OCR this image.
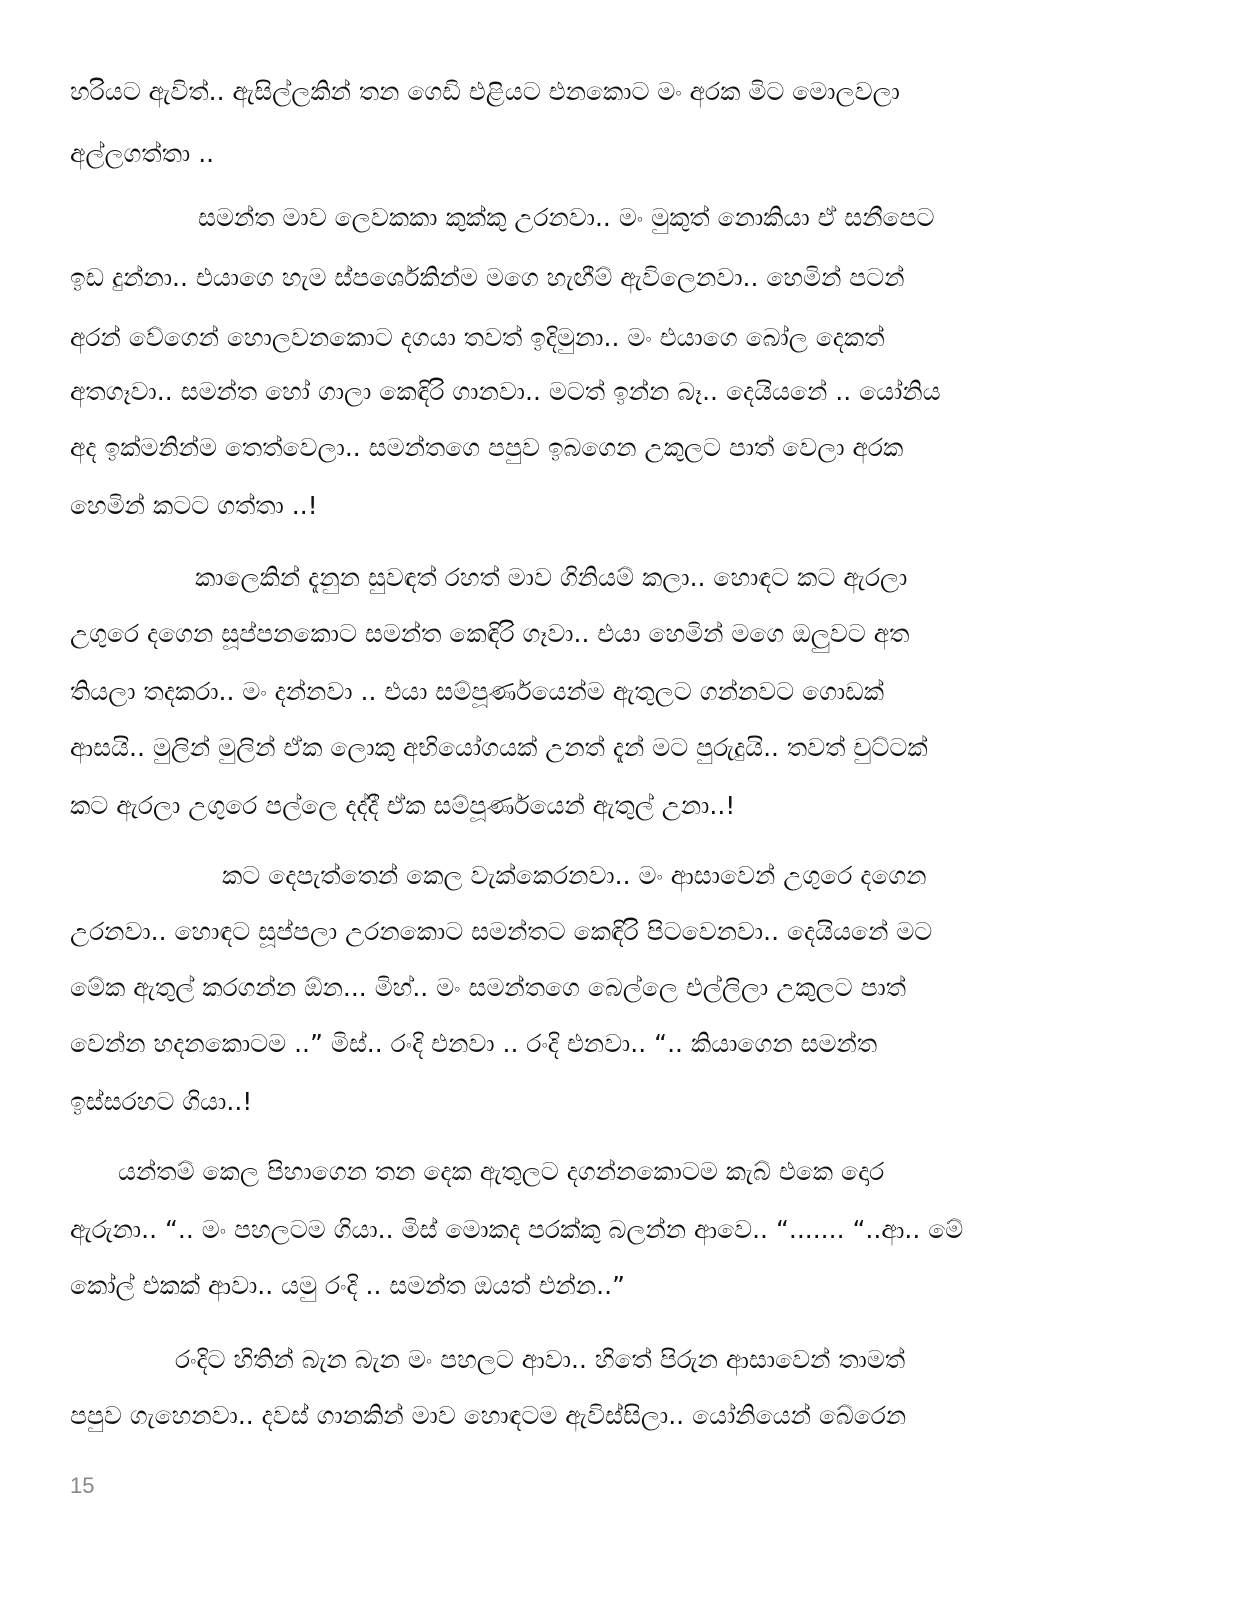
හරියට ඇවිත්.. ඇසිල්ලකින් තන ගෙඩි එළියට එනකොට මං අරක මිට මොලවලා
අල්ලගත්තා ..
සමන්ත මාව ලෙවකකා කුක්කු උරනවා.. මං මුකුත් නොකියා ඒ සනීපෙට
ඉඩ දුන්නා.. එයාගෙ හැම ස්පර්ශෙකින්ම මගෙ හැඟීම් ඇවිලෙනවා.. හෙමින් පටන්
අරන් වේගෙන් හොලවනකොට දගයා තවත් ඉදිමුනා.. මං එයාගෙ බෝල දෙකත්
අතගෑවා.. සමන්ත හෝ ගාලා කෙඳිරි ගානවා.. මටත් ඉන්න බෑ.. දෙයියනේ .. යෝනිය
අද ඉක්මනින්ම තෙත්වෙලා.. සමන්තගෙ පපුව ඉබගෙන උකුලට පාත් වෙලා අරක
හෙමින් කටට ගත්තා ..!
කාලෙකින් දැනුන සුවඳත් රහත් මාව ගිනියම් කලා.. හොඳට කට ඇරලා
උගුරෙ දගෙන සූප්පනකොට සමන්ත කෙඳිරි ගෑවා.. එයා හෙමින් මගෙ ඔලුවට අත
තියලා තදකරා.. මං දන්නවා .. එයා සම්පූර්ණයෙන්ම ඇතුලට ගන්නවට ගොඩක්
ආසයි.. මුලින් මුලින් ඒක ලොකු අභියෝගයක් උනත් දැන් මට පුරුදුයි.. තවත් චුට්ටක්
කට ඇරලා උගුරෙ පල්ලෙ දද්දී ඒක සම්පූර්ණයෙන් ඇතුල් උනා..!
කට දෙපැත්තෙන් කෙල වැක්කෙරනවා.. මං ආසාවෙන් උගුරෙ දගෙන
උරනවා.. හොඳට සූප්පලා උරනකොට සමන්තට කෙඳිරි පිටවෙනවා.. දෙයියනේ මට
මේක ඇතුල් කරගන්න ඕන... මිහ්.. මං සමන්තගෙ බෙල්ලෙ එල්ලිලා උකුලට පාත්
වෙන්න හදනකොටම ..” මිස්.. රංදි එනවා .. රංදි එනවා.. “.. කියාගෙන සමන්ත
ඉස්සරහට ගියා..!
යන්තම් කෙල පිහාගෙන තන දෙක ඇතුලට දගන්නකොටම කැබ් එකෙ දොර
ඇරුනා.. “.. මං පහලටම ගියා.. මිස් මොකද පරක්කු බලන්න ආවෙ.. “....... “..ආ.. මේ
කෝල් එකක් ආවා.. යමු රංදි .. සමන්ත ඔයත් එන්න..”
රංදිට හිතින් බැන බැන මං පහලට ආවා.. හිතේ පිරුන ආසාවෙන් තාමත්
පපුව ගැහෙනවා.. දවස් ගානකින් මාව හොඳටම ඇවිස්සිලා.. යෝනියෙන් බේරෙන
15
